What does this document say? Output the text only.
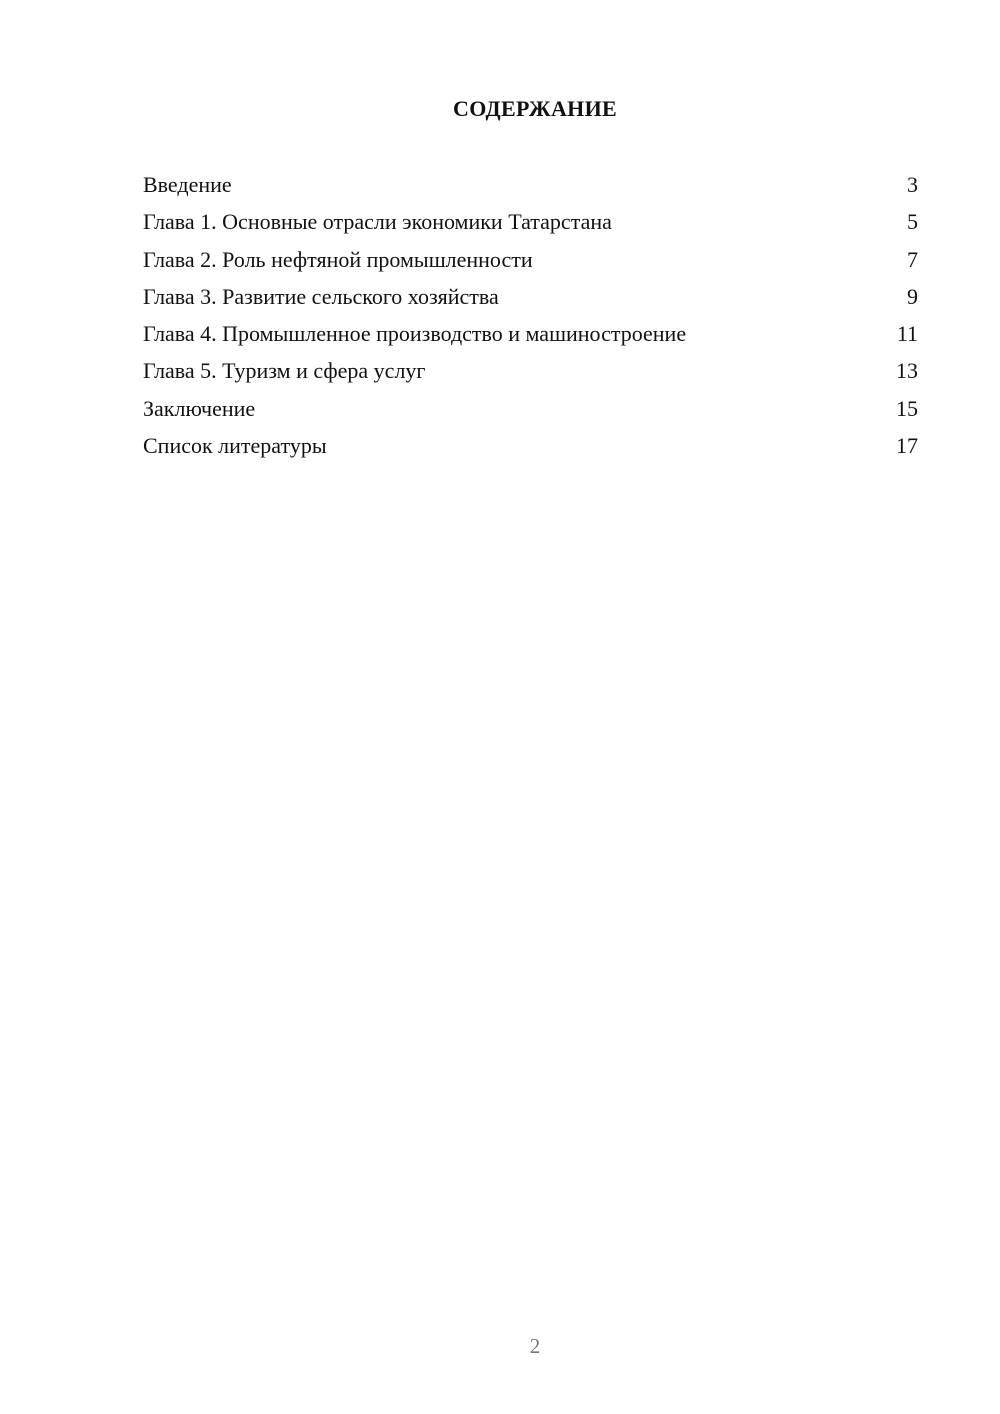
СОДЕРЖАНИЕ
Введение	3
Глава 1. Основные отрасли экономики Татарстана	5
Глава 2. Роль нефтяной промышленности	7
Глава 3. Развитие сельского хозяйства	9
Глава 4. Промышленное производство и машиностроение	11
Глава 5. Туризм и сфера услуг	13
Заключение	15
Список литературы	17
2
